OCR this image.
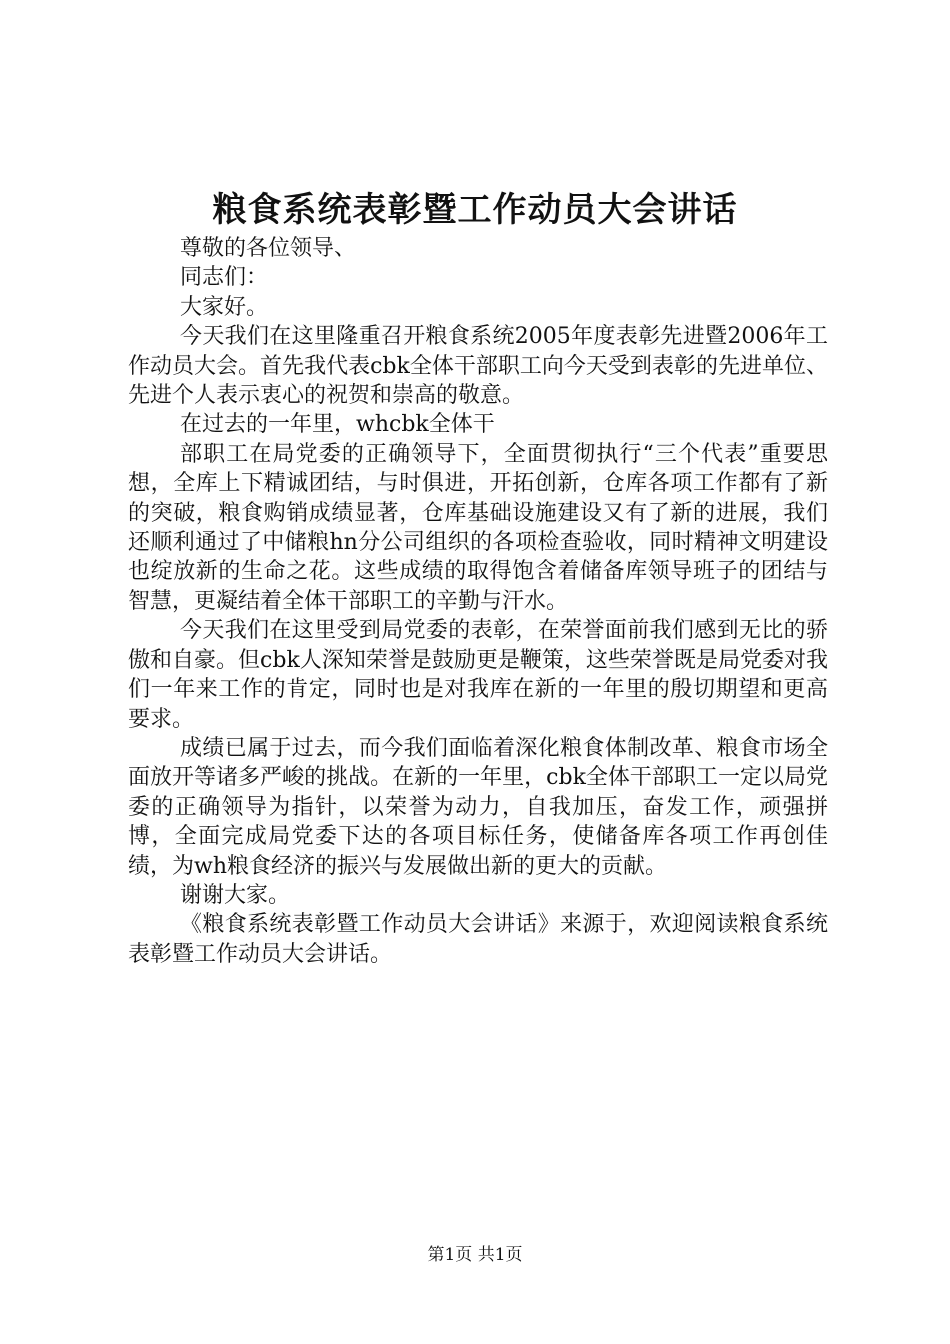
粮食系统表彰暨工作动员大会讲话

尊敬的各位领导、

同志们：

大家好。

今天我们在这里隆重召开粮食系统2005年度表彰先进暨2006年工作动员大会。首先我代表cbk全体干部职工向今天受到表彰的先进单位、先进个人表示衷心的祝贺和崇高的敬意。

在过去的一年里，whcbk全体干

部职工在局党委的正确领导下，全面贯彻执行“三个代表”重要思想，全库上下精诚团结，与时俱进，开拓创新，仓库各项工作都有了新的突破，粮食购销成绩显著，仓库基础设施建设又有了新的进展，我们还顺利通过了中储粮hn分公司组织的各项检查验收，同时精神文明建设也绽放新的生命之花。这些成绩的取得饱含着储备库领导班子的团结与智慧，更凝结着全体干部职工的辛勤与汗水。

今天我们在这里受到局党委的表彰，在荣誉面前我们感到无比的骄傲和自豪。但cbk人深知荣誉是鼓励更是鞭策，这些荣誉既是局党委对我们一年来工作的肯定，同时也是对我库在新的一年里的殷切期望和更高要求。

成绩已属于过去，而今我们面临着深化粮食体制改革、粮食市场全面放开等诸多严峻的挑战。在新的一年里，cbk全体干部职工一定以局党委的正确领导为指针，以荣誉为动力，自我加压，奋发工作，顽强拼博，全面完成局党委下达的各项目标任务，使储备库各项工作再创佳绩，为wh粮食经济的振兴与发展做出新的更大的贡献。

谢谢大家。

《粮食系统表彰暨工作动员大会讲话》来源于，欢迎阅读粮食系统表彰暨工作动员大会讲话。

第1页 共1页
